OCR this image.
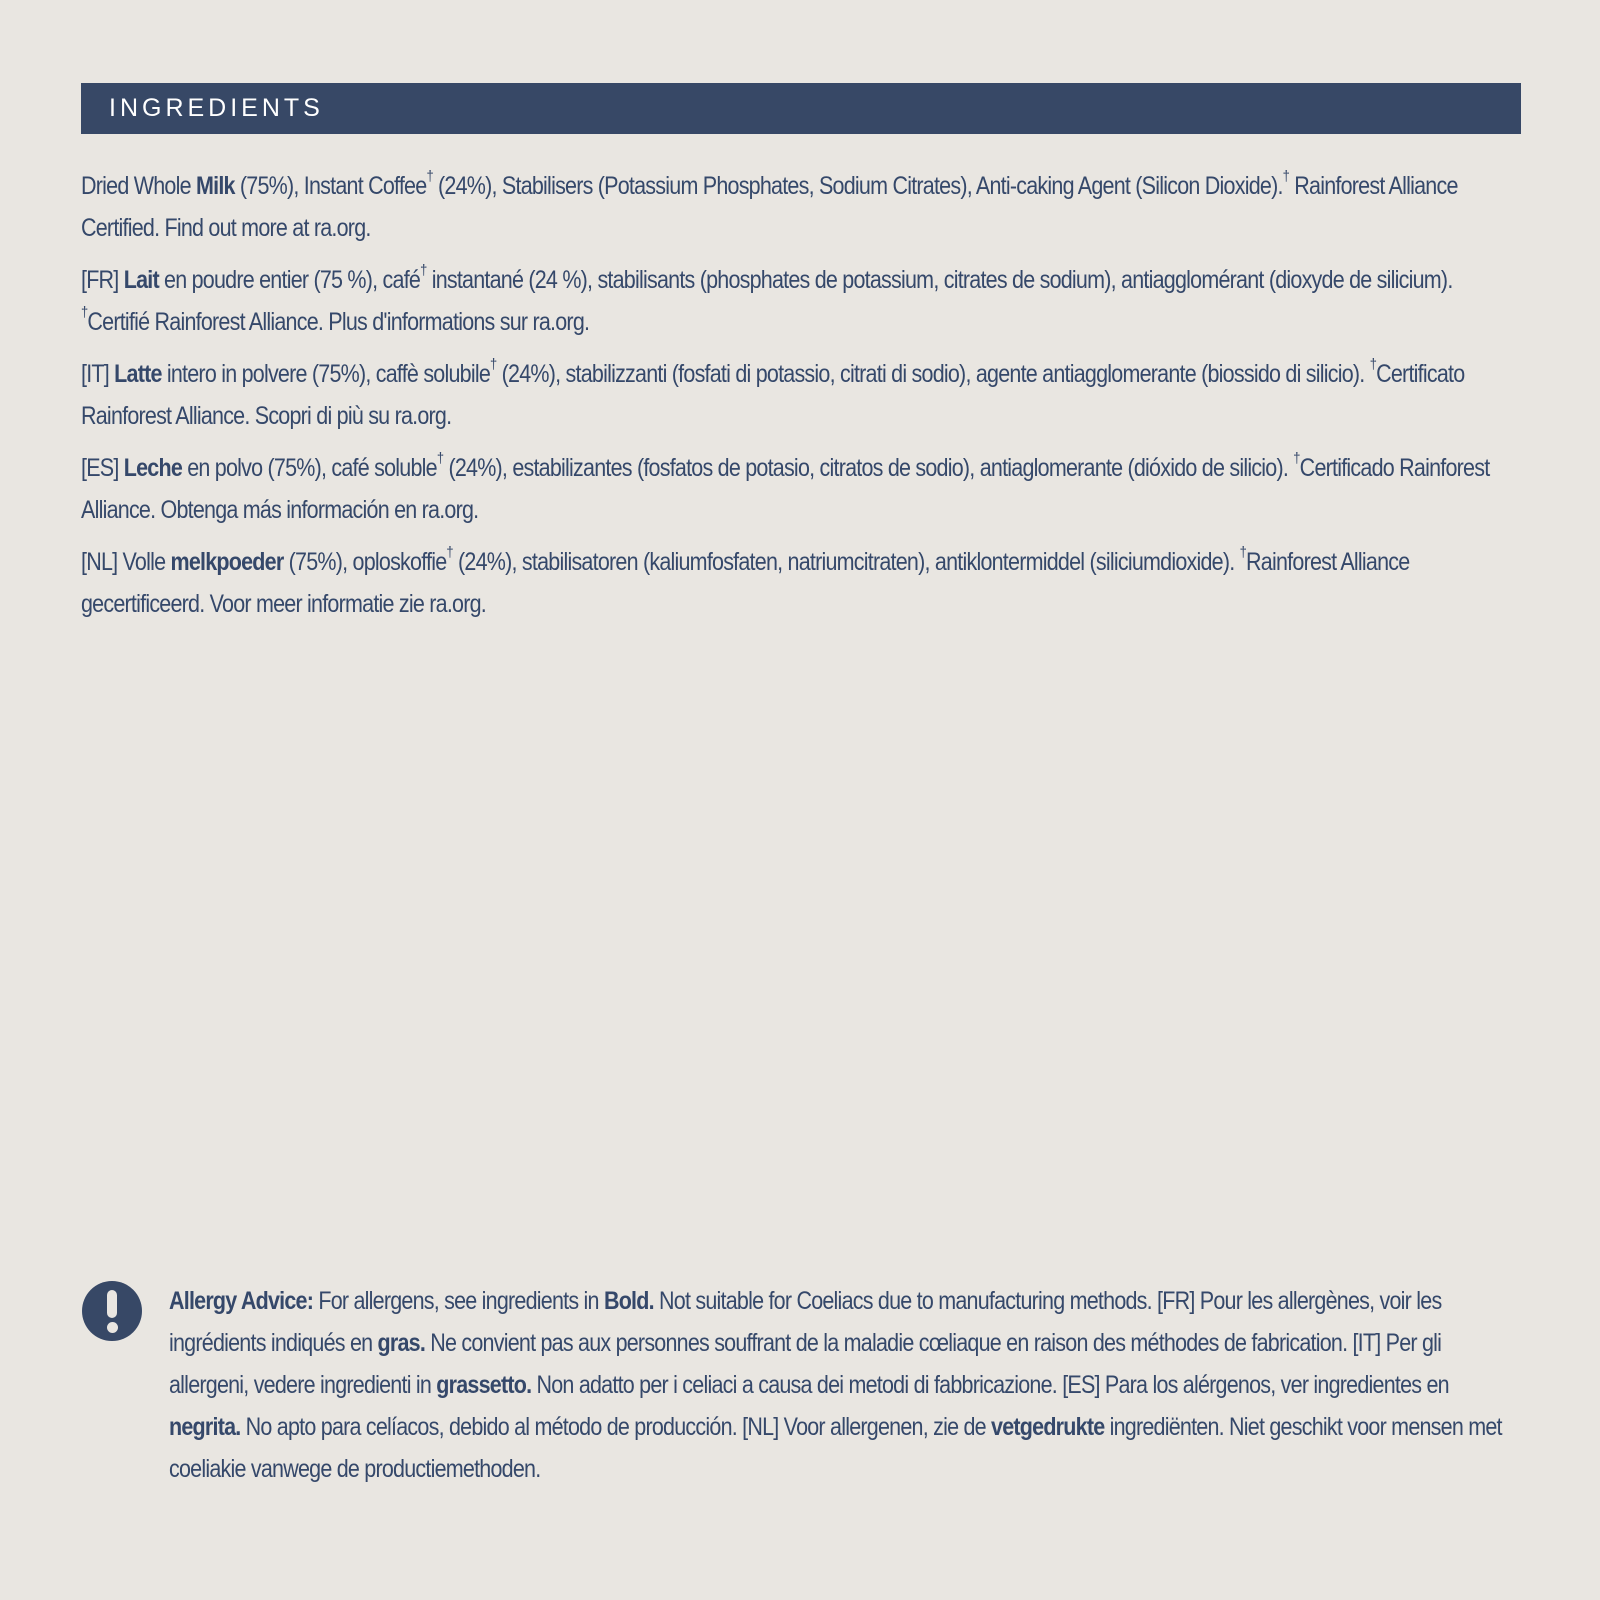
INGREDIENTS

Dried Whole Milk (75%), Instant Coffee† (24%), Stabilisers (Potassium Phosphates, Sodium Citrates), Anti-caking Agent (Silicon Dioxide).† Rainforest Alliance Certified. Find out more at ra.org.

[FR] Lait en poudre entier (75 %), café† instantané (24 %), stabilisants (phosphates de potassium, citrates de sodium), antiagglomérant (dioxyde de silicium). †Certifié Rainforest Alliance. Plus d'informations sur ra.org.

[IT] Latte intero in polvere (75%), caffè solubile† (24%), stabilizzanti (fosfati di potassio, citrati di sodio), agente antiagglomerante (biossido di silicio). †Certificato Rainforest Alliance. Scopri di più su ra.org.

[ES] Leche en polvo (75%), café soluble† (24%), estabilizantes (fosfatos de potasio, citratos de sodio), antiaglomerante (dióxido de silicio). †Certificado Rainforest Alliance. Obtenga más información en ra.org.

[NL] Volle melkpoeder (75%), oploskoffie† (24%), stabilisatoren (kaliumfosfaten, natriumcitraten), antiklontermiddel (siliciumdioxide). †Rainforest Alliance gecertificeerd. Voor meer informatie zie ra.org.

Allergy Advice: For allergens, see ingredients in Bold. Not suitable for Coeliacs due to manufacturing methods. [FR] Pour les allergènes, voir les ingrédients indiqués en gras. Ne convient pas aux personnes souffrant de la maladie cœliaque en raison des méthodes de fabrication. [IT] Per gli allergeni, vedere ingredienti in grassetto. Non adatto per i celiaci a causa dei metodi di fabbricazione. [ES] Para los alérgenos, ver ingredientes en negrita. No apto para celíacos, debido al método de producción. [NL] Voor allergenen, zie de vetgedrukte ingrediënten. Niet geschikt voor mensen met coeliakie vanwege de productiemethoden.
